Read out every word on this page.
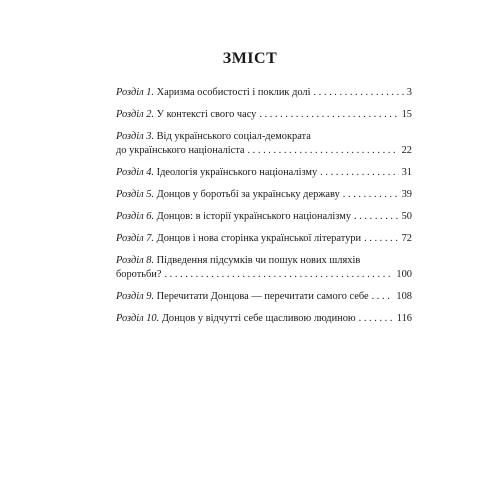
ЗМІСТ
Розділ 1.
Харизма особистості і поклик долі . . .	3
Розділ 2.
У контексті свого часу . . .	15
Розділ 3. Від українського соціал-демократа
до українського націоналіста . . .	22
Розділ 4.
Ідеологія українського націоналізму . . .	31
Розділ 5.
Донцов у боротьбі за українську державу . . .	39
Розділ 6.
Донцов: в історії українського націоналізму . . .	50
Розділ 7.
Донцов і нова сторінка української літератури . . .	72
Розділ 8. Підведення підсумків чи пошук нових шляхів
боротьби? . . .	100
Розділ 9.
Перечитати Донцова — перечитати самого себе . . .	108
Розділ 10.
Донцов у відчутті себе щасливою людиною . . .	116
